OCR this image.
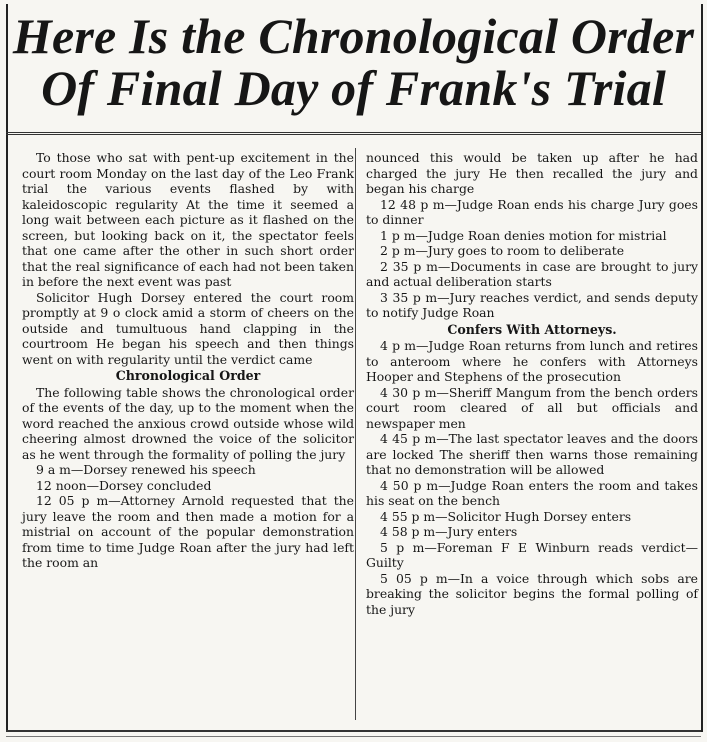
Here Is the Chronological Order
Of Final Day of Frank's Trial

To those who sat with pent-up excitement in the court room Monday on the last day of the Leo Frank trial the various events flashed by with kaleidoscopic regularity At the time it seemed a long wait between each picture as it flashed on the screen, but looking back on it, the spectator feels that one came after the other in such short order that the real significance of each had not been taken in before the next event was past

Solicitor Hugh Dorsey entered the court room promptly at 9 o clock amid a storm of cheers on the outside and tumultuous hand clapping in the courtroom He began his speech and then things went on with regularity until the verdict came

Chronological Order

The following table shows the chronological order of the events of the day, up to the moment when the word reached the anxious crowd outside whose wild cheering almost drowned the voice of the solicitor as he went through the formality of polling the jury

9 a m—Dorsey renewed his speech

12 noon—Dorsey concluded

12 05 p m—Attorney Arnold requested that the jury leave the room and then made a motion for a mistrial on account of the popular demonstration from time to time Judge Roan after the jury had left the room an

nounced this would be taken up after he had charged the jury He then recalled the jury and began his charge

12 48 p m—Judge Roan ends his charge Jury goes to dinner

1 p m—Judge Roan denies motion for mistrial

2 p m—Jury goes to room to deliberate

2 35 p m—Documents in case are brought to jury and actual deliberation starts

3 35 p m—Jury reaches verdict, and sends deputy to notify Judge Roan

Confers With Attorneys.

4 p m—Judge Roan returns from lunch and retires to anteroom where he confers with Attorneys Hooper and Stephens of the prosecution

4 30 p m—Sheriff Mangum from the bench orders court room cleared of all but officials and newspaper men

4 45 p m—The last spectator leaves and the doors are locked The sheriff then warns those remaining that no demonstration will be allowed

4 50 p m—Judge Roan enters the room and takes his seat on the bench

4 55 p m—Solicitor Hugh Dorsey enters

4 58 p m—Jury enters

5 p m—Foreman F E Winburn reads verdict—Guilty

5 05 p m—In a voice through which sobs are breaking the solicitor begins the formal polling of the jury
